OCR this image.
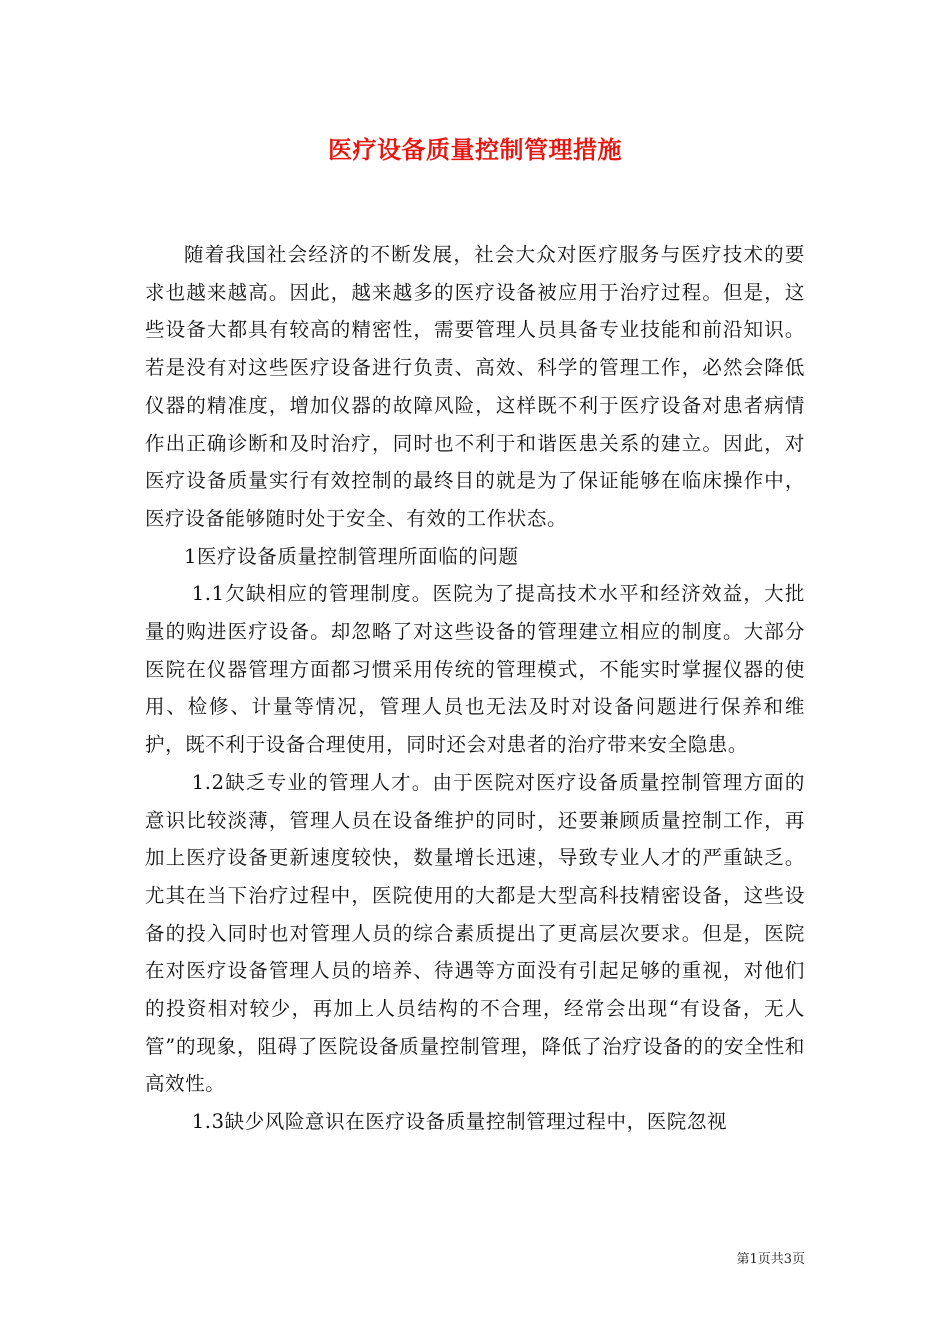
医疗设备质量控制管理措施

随着我国社会经济的不断发展，社会大众对医疗服务与医疗技术的要求也越来越高。因此，越来越多的医疗设备被应用于治疗过程。但是，这些设备大都具有较高的精密性，需要管理人员具备专业技能和前沿知识。若是没有对这些医疗设备进行负责、高效、科学的管理工作，必然会降低仪器的精准度，增加仪器的故障风险，这样既不利于医疗设备对患者病情作出正确诊断和及时治疗，同时也不利于和谐医患关系的建立。因此，对医疗设备质量实行有效控制的最终目的就是为了保证能够在临床操作中，医疗设备能够随时处于安全、有效的工作状态。

1医疗设备质量控制管理所面临的问题

1.1欠缺相应的管理制度。医院为了提高技术水平和经济效益，大批量的购进医疗设备。却忽略了对这些设备的管理建立相应的制度。大部分医院在仪器管理方面都习惯采用传统的管理模式，不能实时掌握仪器的使用、检修、计量等情况，管理人员也无法及时对设备问题进行保养和维护，既不利于设备合理使用，同时还会对患者的治疗带来安全隐患。

1.2缺乏专业的管理人才。由于医院对医疗设备质量控制管理方面的意识比较淡薄，管理人员在设备维护的同时，还要兼顾质量控制工作，再加上医疗设备更新速度较快，数量增长迅速，导致专业人才的严重缺乏。尤其在当下治疗过程中，医院使用的大都是大型高科技精密设备，这些设备的投入同时也对管理人员的综合素质提出了更高层次要求。但是，医院在对医疗设备管理人员的培养、待遇等方面没有引起足够的重视，对他们的投资相对较少，再加上人员结构的不合理，经常会出现“有设备，无人管”的现象，阻碍了医院设备质量控制管理，降低了治疗设备的的安全性和高效性。

1.3缺少风险意识在医疗设备质量控制管理过程中，医院忽视

第1页共3页
